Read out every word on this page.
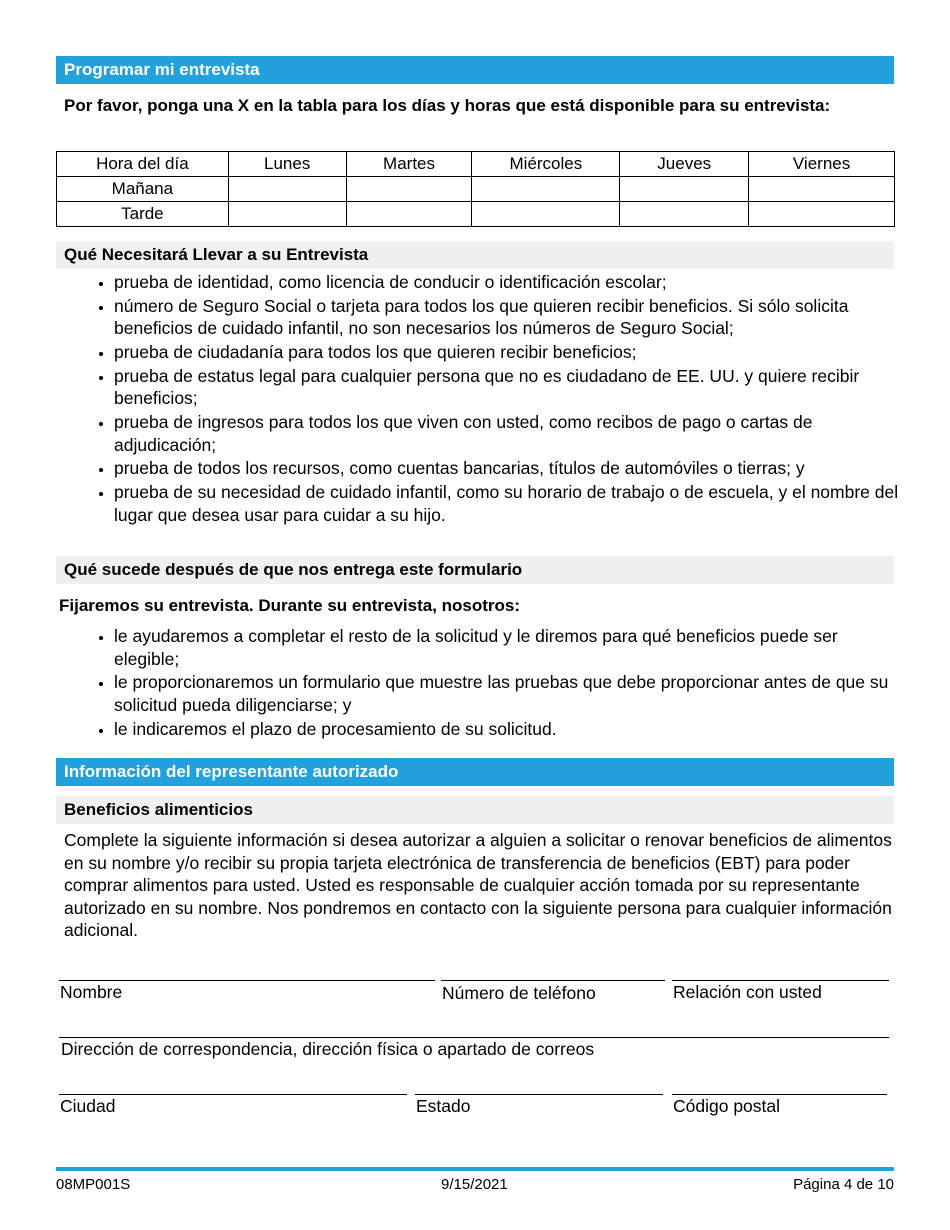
Programar mi entrevista
Por favor, ponga una X en la tabla para los días y horas que está disponible para su entrevista:
Hora del día	Lunes	Martes	Miércoles	Jueves	Viernes
Mañana					
Tarde					
Qué Necesitará Llevar a su Entrevista
• prueba de identidad, como licencia de conducir o identificación escolar;
• número de Seguro Social o tarjeta para todos los que quieren recibir beneficios. Si sólo solicita beneficios de cuidado infantil, no son necesarios los números de Seguro Social;
• prueba de ciudadanía para todos los que quieren recibir beneficios;
• prueba de estatus legal para cualquier persona que no es ciudadano de EE. UU. y quiere recibir beneficios;
• prueba de ingresos para todos los que viven con usted, como recibos de pago o cartas de adjudicación;
• prueba de todos los recursos, como cuentas bancarias, títulos de automóviles o tierras; y
• prueba de su necesidad de cuidado infantil, como su horario de trabajo o de escuela, y el nombre del lugar que desea usar para cuidar a su hijo.
Qué sucede después de que nos entrega este formulario
Fijaremos su entrevista. Durante su entrevista, nosotros:
• le ayudaremos a completar el resto de la solicitud y le diremos para qué beneficios puede ser elegible;
• le proporcionaremos un formulario que muestre las pruebas que debe proporcionar antes de que su solicitud pueda diligenciarse; y
• le indicaremos el plazo de procesamiento de su solicitud.
Información del representante autorizado
Beneficios alimenticios
Complete la siguiente información si desea autorizar a alguien a solicitar o renovar beneficios de alimentos en su nombre y/o recibir su propia tarjeta electrónica de transferencia de beneficios (EBT) para poder comprar alimentos para usted. Usted es responsable de cualquier acción tomada por su representante autorizado en su nombre. Nos pondremos en contacto con la siguiente persona para cualquier información adicional.
Nombre	Número de teléfono	Relación con usted
Dirección de correspondencia, dirección física o apartado de correos
Ciudad	Estado	Código postal
08MP001S	9/15/2021	Página 4 de 10
